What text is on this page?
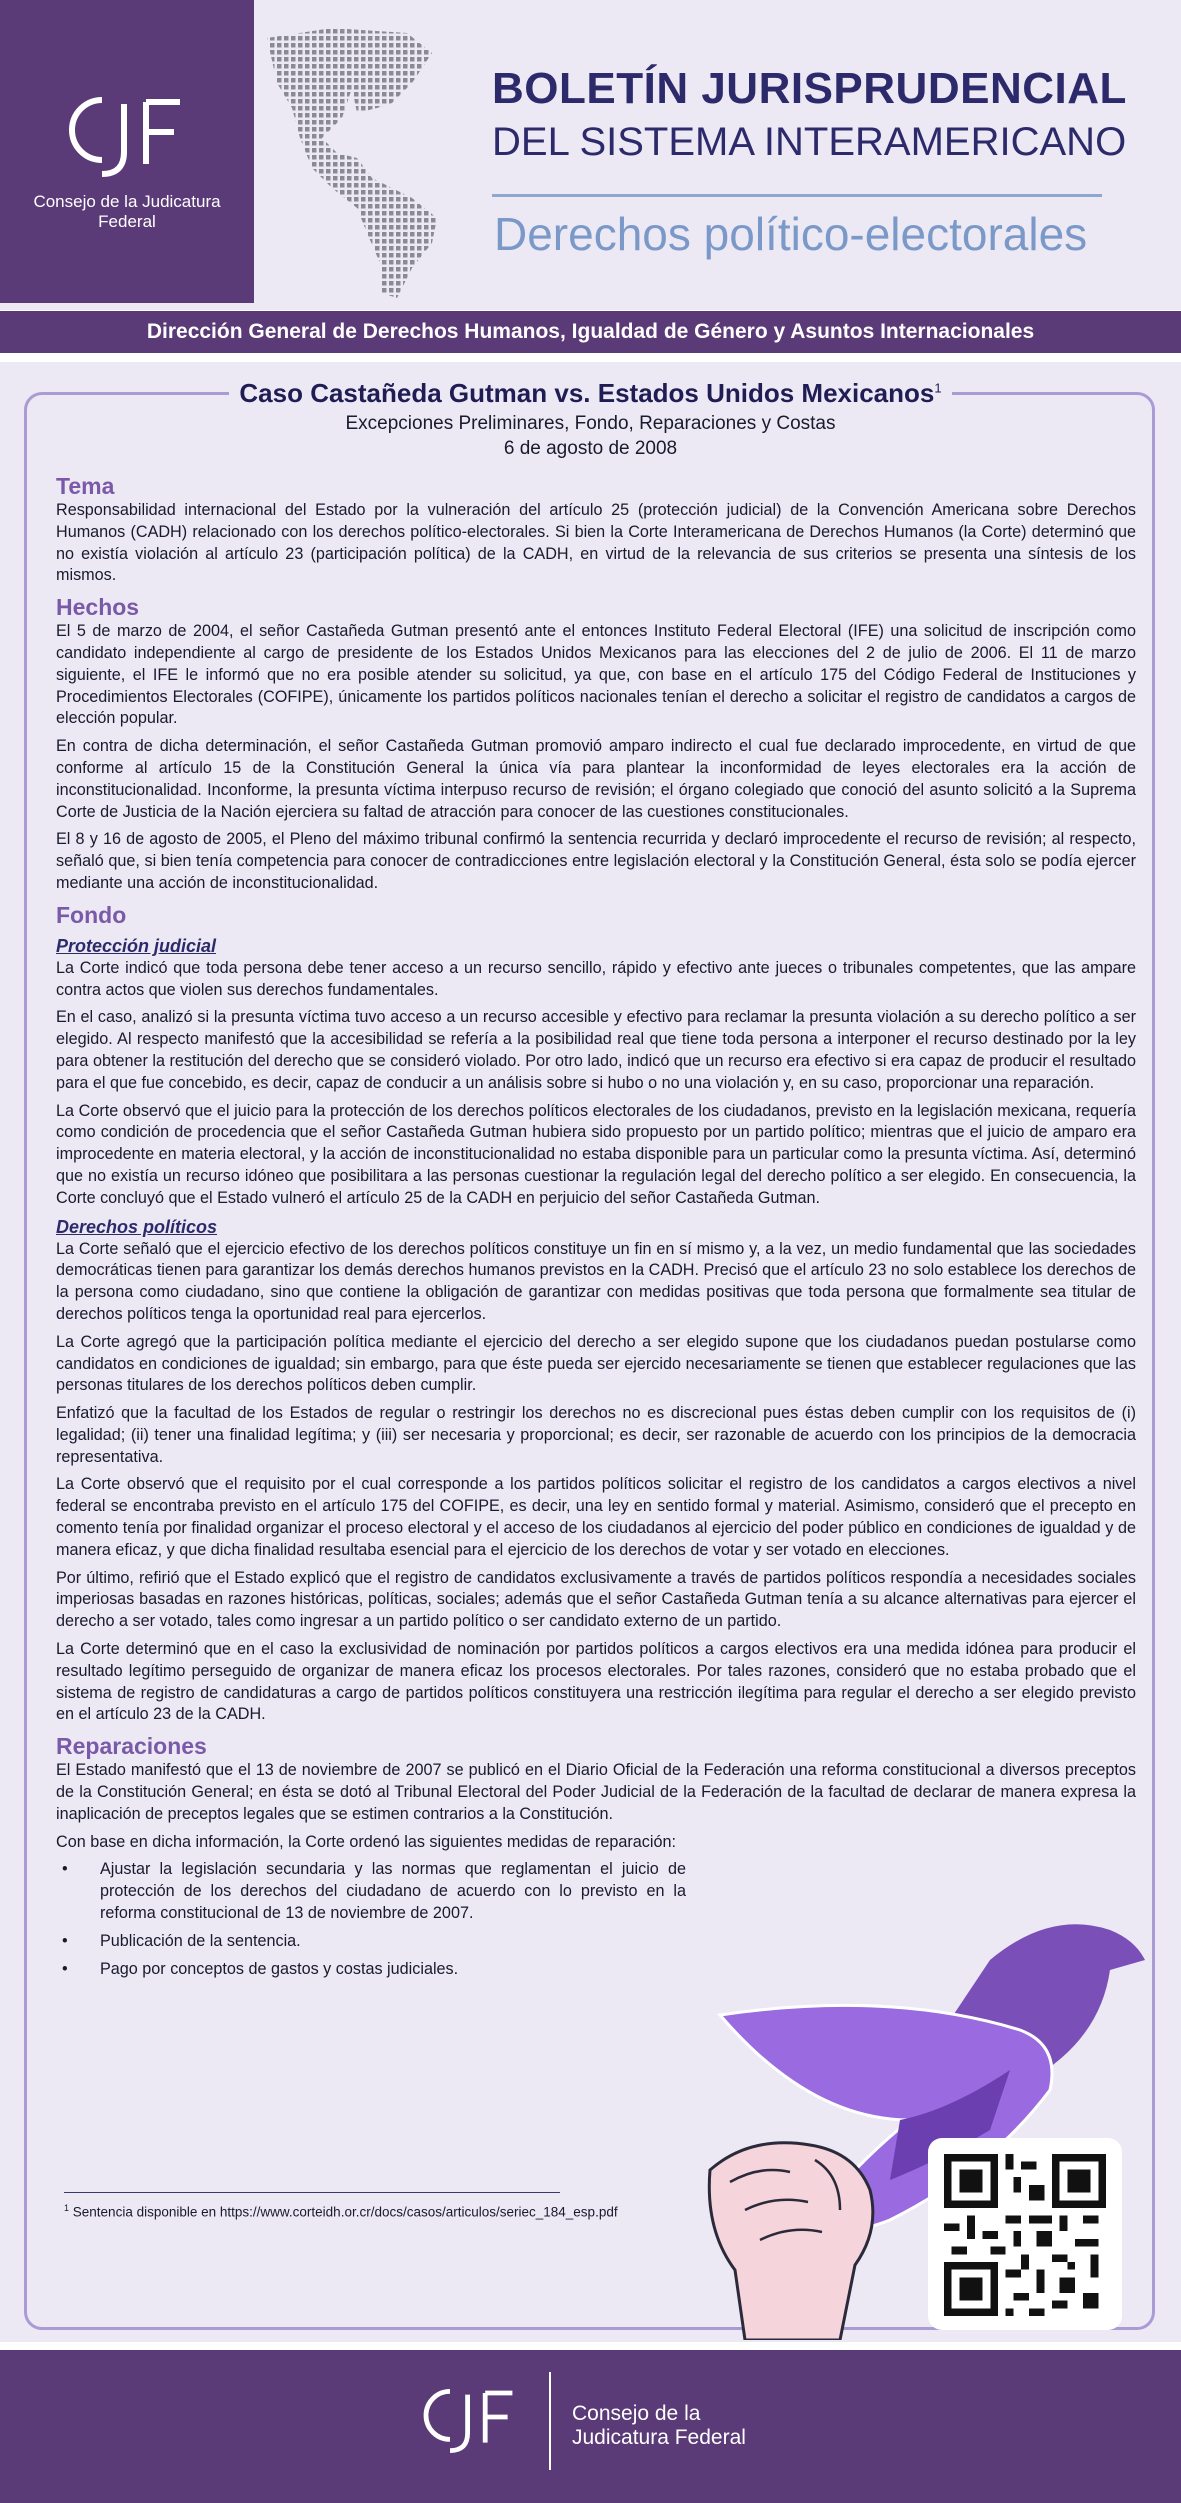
Consejo de la Judicatura Federal
BOLETÍN JURISPRUDENCIAL
DEL SISTEMA INTERAMERICANO
Derechos político-electorales
Dirección General de Derechos Humanos, Igualdad de Género y Asuntos Internacionales
Caso Castañeda Gutman vs. Estados Unidos Mexicanos$^1$
Excepciones Preliminares, Fondo, Reparaciones y Costas
6 de agosto de 2008
Tema

Responsabilidad internacional del Estado por la vulneración del artículo 25 (protección judicial) de la Convención Americana sobre Derechos Humanos (CADH) relacionado con los derechos político-electorales. Si bien la Corte Interamericana de Derechos Humanos (la Corte) determinó que no existía violación al artículo 23 (participación política) de la CADH, en virtud de la relevancia de sus criterios se presenta una síntesis de los mismos.

Hechos

El 5 de marzo de 2004, el señor Castañeda Gutman presentó ante el entonces Instituto Federal Electoral (IFE) una solicitud de inscripción como candidato independiente al cargo de presidente de los Estados Unidos Mexicanos para las elecciones del 2 de julio de 2006. El 11 de marzo siguiente, el IFE le informó que no era posible atender su solicitud, ya que, con base en el artículo 175 del Código Federal de Instituciones y Procedimientos Electorales (COFIPE), únicamente los partidos políticos nacionales tenían el derecho a solicitar el registro de candidatos a cargos de elección popular.

En contra de dicha determinación, el señor Castañeda Gutman promovió amparo indirecto el cual fue declarado improcedente, en virtud de que conforme al artículo 15 de la Constitución General la única vía para plantear la inconformidad de leyes electorales era la acción de inconstitucionalidad. Inconforme, la presunta víctima interpuso recurso de revisión; el órgano colegiado que conoció del asunto solicitó a la Suprema Corte de Justicia de la Nación ejerciera su faltad de atracción para conocer de las cuestiones constitucionales.

El 8 y 16 de agosto de 2005, el Pleno del máximo tribunal confirmó la sentencia recurrida y declaró improcedente el recurso de revisión; al respecto, señaló que, si bien tenía competencia para conocer de contradicciones entre legislación electoral y la Constitución General, ésta solo se podía ejercer mediante una acción de inconstitucionalidad.

Fondo
Protección judicial

La Corte indicó que toda persona debe tener acceso a un recurso sencillo, rápido y efectivo ante jueces o tribunales competentes, que las ampare contra actos que violen sus derechos fundamentales.

En el caso, analizó si la presunta víctima tuvo acceso a un recurso accesible y efectivo para reclamar la presunta violación a su derecho político a ser elegido. Al respecto manifestó que la accesibilidad se refería a la posibilidad real que tiene toda persona a interponer el recurso destinado por la ley para obtener la restitución del derecho que se consideró violado. Por otro lado, indicó que un recurso era efectivo si era capaz de producir el resultado para el que fue concebido, es decir, capaz de conducir a un análisis sobre si hubo o no una violación y, en su caso, proporcionar una reparación.

La Corte observó que el juicio para la protección de los derechos políticos electorales de los ciudadanos, previsto en la legislación mexicana, requería como condición de procedencia que el señor Castañeda Gutman hubiera sido propuesto por un partido político; mientras que el juicio de amparo era improcedente en materia electoral, y la acción de inconstitucionalidad no estaba disponible para un particular como la presunta víctima. Así, determinó que no existía un recurso idóneo que posibilitara a las personas cuestionar la regulación legal del derecho político a ser elegido. En consecuencia, la Corte concluyó que el Estado vulneró el artículo 25 de la CADH en perjuicio del señor Castañeda Gutman.

Derechos políticos

La Corte señaló que el ejercicio efectivo de los derechos políticos constituye un fin en sí mismo y, a la vez, un medio fundamental que las sociedades democráticas tienen para garantizar los demás derechos humanos previstos en la CADH. Precisó que el artículo 23 no solo establece los derechos de la persona como ciudadano, sino que contiene la obligación de garantizar con medidas positivas que toda persona que formalmente sea titular de derechos políticos tenga la oportunidad real para ejercerlos.

La Corte agregó que la participación política mediante el ejercicio del derecho a ser elegido supone que los ciudadanos puedan postularse como candidatos en condiciones de igualdad; sin embargo, para que éste pueda ser ejercido necesariamente se tienen que establecer regulaciones que las personas titulares de los derechos políticos deben cumplir.

Enfatizó que la facultad de los Estados de regular o restringir los derechos no es discrecional pues éstas deben cumplir con los requisitos de (i) legalidad; (ii) tener una finalidad legítima; y (iii) ser necesaria y proporcional; es decir, ser razonable de acuerdo con los principios de la democracia representativa.

La Corte observó que el requisito por el cual corresponde a los partidos políticos solicitar el registro de los candidatos a cargos electivos a nivel federal se encontraba previsto en el artículo 175 del COFIPE, es decir, una ley en sentido formal y material. Asimismo, consideró que el precepto en comento tenía por finalidad organizar el proceso electoral y el acceso de los ciudadanos al ejercicio del poder público en condiciones de igualdad y de manera eficaz, y que dicha finalidad resultaba esencial para el ejercicio de los derechos de votar y ser votado en elecciones.

Por último, refirió que el Estado explicó que el registro de candidatos exclusivamente a través de partidos políticos respondía a necesidades sociales imperiosas basadas en razones históricas, políticas, sociales; además que el señor Castañeda Gutman tenía a su alcance alternativas para ejercer el derecho a ser votado, tales como ingresar a un partido político o ser candidato externo de un partido.

La Corte determinó que en el caso la exclusividad de nominación por partidos políticos a cargos electivos era una medida idónea para producir el resultado legítimo perseguido de organizar de manera eficaz los procesos electorales. Por tales razones, consideró que no estaba probado que el sistema de registro de candidaturas a cargo de partidos políticos constituyera una restricción ilegítima para regular el derecho a ser elegido previsto en el artículo 23 de la CADH.

Reparaciones

El Estado manifestó que el 13 de noviembre de 2007 se publicó en el Diario Oficial de la Federación una reforma constitucional a diversos preceptos de la Constitución General; en ésta se dotó al Tribunal Electoral del Poder Judicial de la Federación de la facultad de declarar de manera expresa la inaplicación de preceptos legales que se estimen contrarios a la Constitución.

Con base en dicha información, la Corte ordenó las siguientes medidas de reparación:

• Ajustar la legislación secundaria y las normas que reglamentan el juicio de protección de los derechos del ciudadano de acuerdo con lo previsto en la reforma constitucional de 13 de noviembre de 2007.
• Publicación de la sentencia.
• Pago por conceptos de gastos y costas judiciales.
$^1$ Sentencia disponible en https://www.corteidh.or.cr/docs/casos/articulos/seriec_184_esp.pdf
Consejo de la
Judicatura Federal
